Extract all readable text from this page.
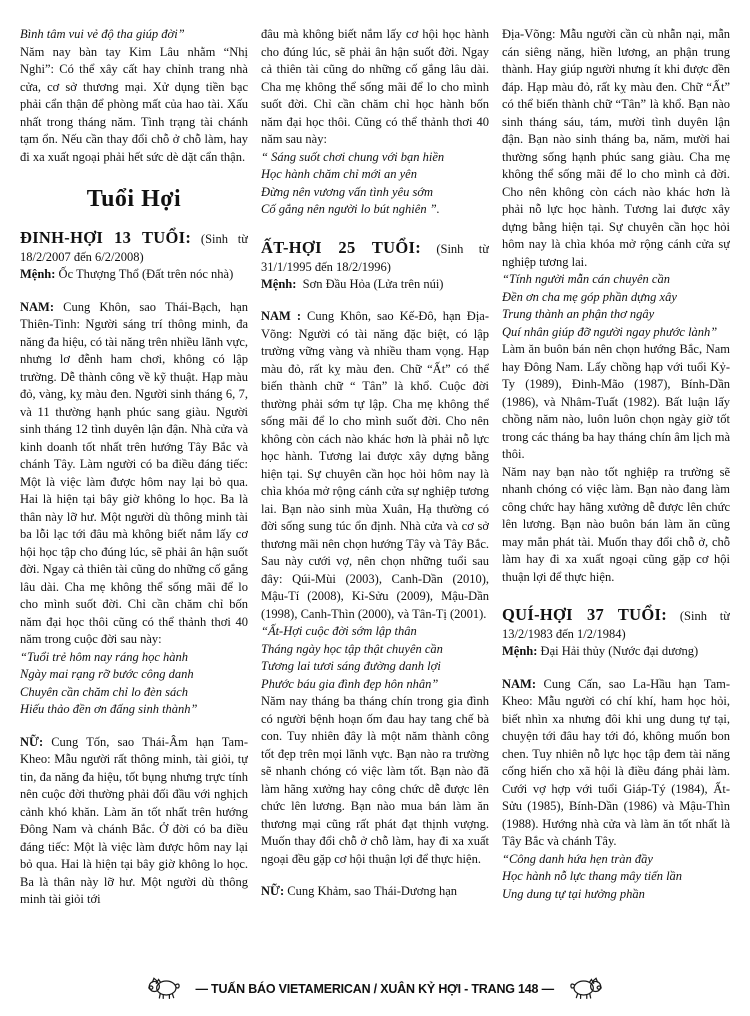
Bình tâm vui vẻ độ tha giúp đời”

Năm nay bàn tay Kim Lâu nhằm “Nhị Nghi”: Có thể xây cất hay chỉnh trang nhà cửa, cơ sở thương mại. Xử dụng tiền bạc phải cẩn thận để phòng mất của hao tài. Xấu nhất trong tháng năm. Tình trạng tài chánh tạm ổn. Nếu cần thay đổi chỗ ở chỗ làm, hay đi xa xuất ngoại phải hết sức dè dặt cẩn thận.

Tuổi Hợi

ĐINH-HỢI 13 TUỔI: (Sinh từ 18/2/2007 đến 6/2/2008)

Mệnh: Ốc Thượng Thổ (Đất trên nóc nhà)

NAM: Cung Khôn, sao Thái-Bạch, hạn Thiên-Tinh: Người sáng trí thông minh, đa năng đa hiệu, có tài năng trên nhiều lãnh vực, nhưng lơ đễnh ham chơi, không có lập trường. Dễ thành công về kỹ thuật. Hạp màu đỏ, vàng, kỵ màu đen. Người sinh tháng 6, 7, và 11 thường hạnh phúc sang giàu. Người sinh tháng 12 tình duyên lận đận. Nhà cửa và kinh doanh tốt nhất trên hướng Tây Bắc và chánh Tây. Làm người có ba điều đáng tiếc: Một là việc làm được hôm nay lại bỏ qua. Hai là hiện tại bây giờ không lo học. Ba là thân này lỡ hư. Một người dù thông minh tài ba lỗi lạc tới đâu mà không biết nắm lấy cơ hội học tập cho đúng lúc, sẽ phải ân hận suốt đời. Ngay cả thiên tài cũng do những cố gắng lâu dài. Cha mẹ không thể sống mãi để lo cho mình suốt đời. Chỉ cần chăm chỉ bốn năm đại học thôi cũng có thể thảnh thơi 40 năm trong cuộc đời sau này:

“Tuổi trẻ hôm nay ráng học hành

Ngày mai rạng rỡ bước công danh

Chuyên cần chăm chỉ lo đèn sách

Hiếu thảo đền ơn đấng sinh thành”

NỮ: Cung Tốn, sao Thái-Âm hạn Tam-Kheo: Mẫu người rất thông minh, tài giỏi, tự tin, đa năng đa hiệu, tốt bụng nhưng trực tính nên cuộc đời thường phải đối đầu với nghịch cảnh khó khăn. Làm ăn tốt nhất trên hướng Đông Nam và chánh Bắc. Ở đời có ba điều đáng tiếc: Một là việc làm được hôm nay lại bỏ qua. Hai là hiện tại bây giờ không lo học. Ba là thân này lỡ hư. Một người dù thông minh tài giỏi tới

đâu mà không biết nắm lấy cơ hội học hành cho đúng lúc, sẽ phải ân hận suốt đời. Ngay cả thiên tài cũng do những cố gắng lâu dài. Cha mẹ không thể sống mãi để lo cho mình suốt đời. Chỉ cần chăm chỉ học hành bốn năm đại học thôi. Cũng có thể thảnh thơi 40 năm sau này:

“ Sáng suốt chơi chung với bạn hiền

Học hành chăm chỉ mới an yên

Đừng nên vương vấn tình yêu sớm

Cố gắng nên người lo bút nghiên ”.

ẤT-HỢI 25 TUỔI: (Sinh từ 31/1/1995 đến 18/2/1996)

Mệnh: Sơn Đầu Hỏa (Lửa trên núi)

NAM : Cung Khôn, sao Kế-Đô, hạn Địa-Võng: Người có tài năng đặc biệt, có lập trường vững vàng và nhiều tham vọng. Hạp màu đỏ, rất kỵ màu đen. Chữ “Ất” có thể biến thành chữ “ Tân” là khổ. Cuộc đời thường phải sớm tự lập. Cha mẹ không thể sống mãi để lo cho mình suốt đời. Cho nên không còn cách nào khác hơn là phải nỗ lực học hành. Tương lai được xây dựng bằng hiện tại. Sự chuyên cần học hỏi hôm nay là chìa khóa mở rộng cánh cửa sự nghiệp tương lai. Bạn nào sinh mùa Xuân, Hạ thường có đời sống sung túc ổn định. Nhà cửa và cơ sở thương mãi nên chọn hướng Tây và Tây Bắc. Sau này cưới vợ, nên chọn những tuổi sau đây: Qúi-Mùi (2003), Canh-Dần (2010), Mậu-Tí (2008), Kỉ-Sửu (2009), Mậu-Dần (1998), Canh-Thìn (2000), và Tân-Tị (2001).

“Ất-Hợi cuộc đời sớm lập thân

Tháng ngày học tập thật chuyên cần

Tương lai tươi sáng đường danh lợi

Phước báu gia đình đẹp hôn nhân”

Năm nay tháng ba tháng chín trong gia đình có người bệnh hoạn ốm đau hay tang chế bà con. Tuy nhiên đây là một năm thành công tốt đẹp trên mọi lãnh vực. Bạn nào ra trường sẽ nhanh chóng có việc làm tốt. Bạn nào đã làm hãng xưởng hay công chức dễ được lên chức lên lương. Bạn nào mua bán làm ăn thương mại cũng rất phát đạt thịnh vượng. Muốn thay đổi chỗ ở chỗ làm, hay đi xa xuất ngoại đều gặp cơ hội thuận lợi để thực hiện.

NỮ: Cung Khảm, sao Thái-Dương hạn

Địa-Võng: Mẫu người cần cù nhẫn nại, mẫn cán siêng năng, hiền lương, an phận trung thành. Hay giúp người nhưng ít khi được đền đáp. Hạp màu đỏ, rất kỵ màu đen. Chữ “Ất” có thể biến thành chữ “Tân” là khổ. Bạn nào sinh tháng sáu, tám, mười tình duyên lận đận. Bạn nào sinh tháng ba, năm, mười hai thường sống hạnh phúc sang giàu. Cha mẹ không thể sống mãi để lo cho mình cả đời. Cho nên không còn cách nào khác hơn là phải nỗ lực học hành. Tương lai được xây dựng bằng hiện tại. Sự chuyên cần học hỏi hôm nay là chìa khóa mở rộng cánh cửa sự nghiệp tương lai.

“Tính người mẫn cán chuyên cần

Đền ơn cha mẹ góp phần dựng xây

Trung thành an phận thơ ngây

Quí nhân giúp đỡ người ngay phước lành”

Làm ăn buôn bán nên chọn hướng Bắc, Nam hay Đông Nam. Lấy chồng hạp với tuổi Kỷ-Ty (1989), Đinh-Mão (1987), Bính-Dần (1986), và Nhâm-Tuất (1982). Bất luận lấy chồng năm nào, luôn luôn chọn ngày giờ tốt trong các tháng ba hay tháng chín âm lịch mà thôi.

Năm nay bạn nào tốt nghiệp ra trường sẽ nhanh chóng có việc làm. Bạn nào đang làm công chức hay hãng xưởng dễ được lên chức lên lương. Bạn nào buôn bán làm ăn cũng may mắn phát tài. Muốn thay đổi chỗ ở, chỗ làm hay đi xa xuất ngoại cũng gặp cơ hội thuận lợi để thực hiện.

QUÍ-HỢI 37 TUỔI: (Sinh từ 13/2/1983 đến 1/2/1984)

Mệnh: Đại Hải thủy (Nước đại dương)

NAM: Cung Cấn, sao La-Hầu hạn Tam-Kheo: Mẫu người có chí khí, ham học hỏi, biết nhìn xa nhưng đôi khi ung dung tự tại, chuyện tới đâu hay tới đó, không muốn bon chen. Tuy nhiên nỗ lực học tập đem tài năng cống hiến cho xã hội là điều đáng phải làm. Cưới vợ hợp với tuổi Giáp-Tý (1984), Ất-Sửu (1985), Bính-Dần (1986) và Mậu-Thìn (1988). Hướng nhà cửa và làm ăn tốt nhất là Tây Bắc và chánh Tây.

“Công danh hứa hẹn tràn đầy

Học hành nỗ lực thang mây tiến lần

Ung dung tự tại hưởng phần

— TUẤN BÁO VIETAMERICAN / XUÂN KỶ HỢI - TRANG 148 —
